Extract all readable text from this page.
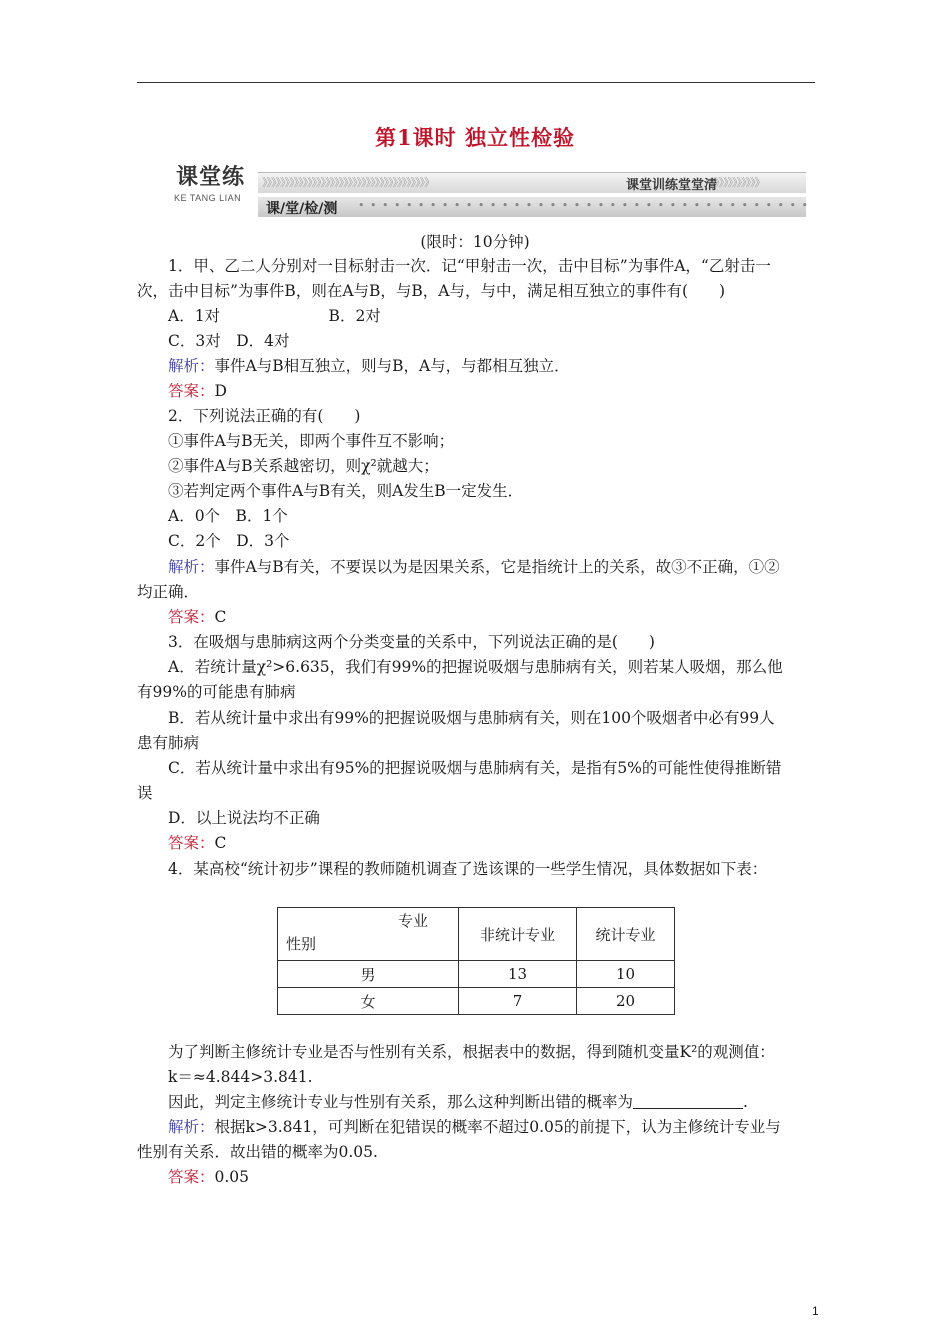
第1课时 独立性检验
课堂练
KE TANG LIAN
》》》》》》》》》》》》》》》》》》》》》》》》》》》》》》》》》》》》》	课堂训练堂堂清
》》》》》》》》》》
课/堂/检/测 • • • • • • • • • • • • • • • • • • • • • • • • • • • • • • • • • • • • • •
(限时：10分钟)
1．甲、乙二人分别对一目标射击一次．记“甲射击一次，击中目标”为事件A，“乙射击一
次，击中目标”为事件B，则在A与B，与B，A与，与中，满足相互独立的事件有(　　)
A．1对　　　　　　　B．2对
C．3对　D．4对
解析：事件A与B相互独立，则与B，A与，与都相互独立．
答案：D
2．下列说法正确的有(　　)
①事件A与B无关，即两个事件互不影响；
②事件A与B关系越密切，则χ²就越大；
③若判定两个事件A与B有关，则A发生B一定发生．
A．0个　B．1个
C．2个　D．3个
解析：事件A与B有关，不要误以为是因果关系，它是指统计上的关系，故③不正确，①②
均正确．
答案：C
3．在吸烟与患肺病这两个分类变量的关系中，下列说法正确的是(　　)
A．若统计量χ²>6.635，我们有99%的把握说吸烟与患肺病有关，则若某人吸烟，那么他
有99%的可能患有肺病
B．若从统计量中求出有99%的把握说吸烟与患肺病有关，则在100个吸烟者中必有99人
患有肺病
C．若从统计量中求出有95%的把握说吸烟与患肺病有关，是指有5%的可能性使得推断错
误
D．以上说法均不正确
答案：C
4．某高校“统计初步”课程的教师随机调查了选该课的一些学生情况，具体数据如下表：
专业
性别	非统计专业	统计专业
男	13	10
女	7	20
为了判断主修统计专业是否与性别有关系，根据表中的数据，得到随机变量K²的观测值：
k＝≈4.844>3.841.
因此，判定主修统计专业与性别有关系，那么这种判断出错的概率为	.
解析：根据k>3.841，可判断在犯错误的概率不超过0.05的前提下，认为主修统计专业与
性别有关系．故出错的概率为0.05.
答案：0.05
1
